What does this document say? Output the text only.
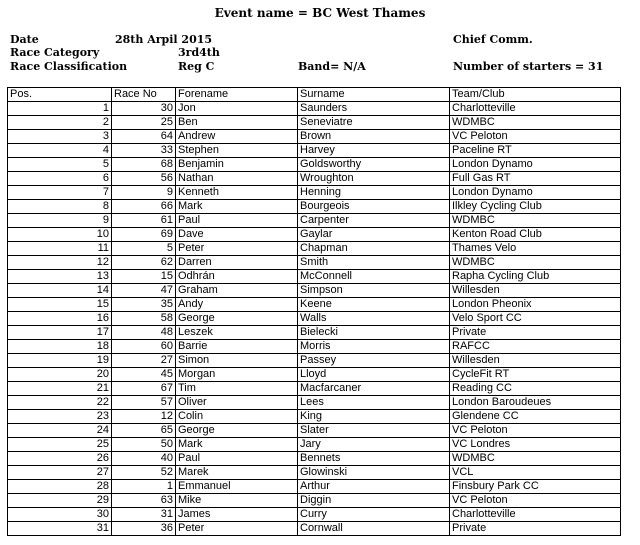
Event name = BC West Thames
Date	28th Arpil 2015	Chief Comm.
Race Category	3rd4th
Race Classification	Reg C	Band= N/A	Number of starters = 31
Pos.	Race No	Forename	Surname	Team/Club
1	30	Jon	Saunders	Charlotteville
2	25	Ben	Seneviatre	WDMBC
3	64	Andrew	Brown	VC Peloton
4	33	Stephen	Harvey	Paceline RT
5	68	Benjamin	Goldsworthy	London Dynamo
6	56	Nathan	Wroughton	Full Gas RT
7	9	Kenneth	Henning	London Dynamo
8	66	Mark	Bourgeois	Ilkley Cycling Club
9	61	Paul	Carpenter	WDMBC
10	69	Dave	Gaylar	Kenton Road Club
11	5	Peter	Chapman	Thames Velo
12	62	Darren	Smith	WDMBC
13	15	Odhrán	McConnell	Rapha Cycling Club
14	47	Graham	Simpson	Willesden
15	35	Andy	Keene	London Pheonix
16	58	George	Walls	Velo Sport CC
17	48	Leszek	Bielecki	Private
18	60	Barrie	Morris	RAFCC
19	27	Simon	Passey	Willesden
20	45	Morgan	Lloyd	CycleFit RT
21	67	Tim	Macfarcaner	Reading CC
22	57	Oliver	Lees	London Baroudeues
23	12	Colin	King	Glendene CC
24	65	George	Slater	VC Peloton
25	50	Mark	Jary	VC Londres
26	40	Paul	Bennets	WDMBC
27	52	Marek	Glowinski	VCL
28	1	Emmanuel	Arthur	Finsbury Park CC
29	63	Mike	Diggin	VC Peloton
30	31	James	Curry	Charlotteville
31	36	Peter	Cornwall	Private
